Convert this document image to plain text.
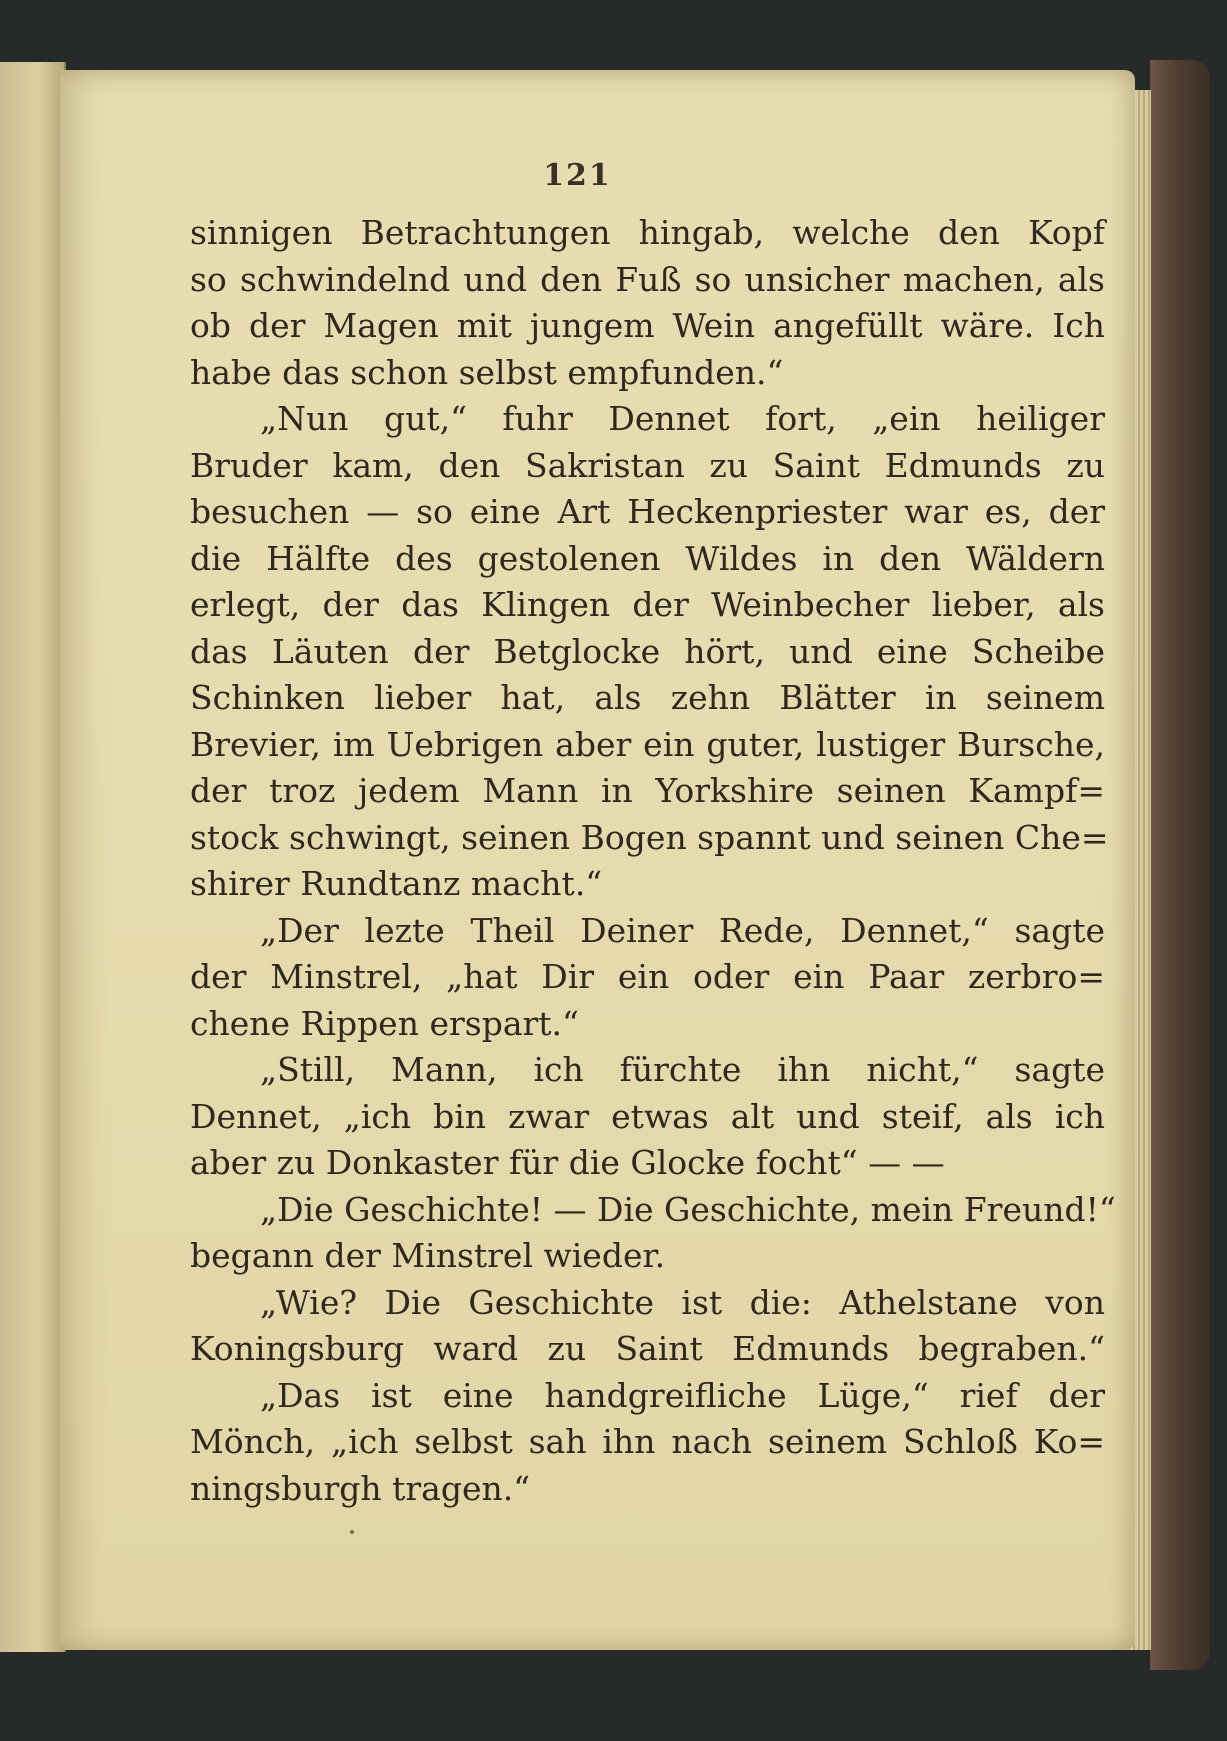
121
sinnigen Betrachtungen hingab, welche den Kopf
so schwindelnd und den Fuß so unsicher machen, als
ob der Magen mit jungem Wein angefüllt wäre. Ich
habe das schon selbst empfunden.“
„Nun gut,“ fuhr Dennet fort, „ein heiliger
Bruder kam, den Sakristan zu Saint Edmunds zu
besuchen — so eine Art Heckenpriester war es, der
die Hälfte des gestolenen Wildes in den Wäldern
erlegt, der das Klingen der Weinbecher lieber, als
das Läuten der Betglocke hört, und eine Scheibe
Schinken lieber hat, als zehn Blätter in seinem
Brevier, im Uebrigen aber ein guter, lustiger Bursche,
der troz jedem Mann in Yorkshire seinen Kampf=
stock schwingt, seinen Bogen spannt und seinen Che=
shirer Rundtanz macht.“
„Der lezte Theil Deiner Rede, Dennet,“ sagte
der Minstrel, „hat Dir ein oder ein Paar zerbro=
chene Rippen erspart.“
„Still, Mann, ich fürchte ihn nicht,“ sagte
Dennet, „ich bin zwar etwas alt und steif, als ich
aber zu Donkaster für die Glocke focht“ — —
„Die Geschichte! — Die Geschichte, mein Freund!“
begann der Minstrel wieder.
„Wie? Die Geschichte ist die: Athelstane von
Koningsburg ward zu Saint Edmunds begraben.“
„Das ist eine handgreifliche Lüge,“ rief der
Mönch, „ich selbst sah ihn nach seinem Schloß Ko=
ningsburgh tragen.“
